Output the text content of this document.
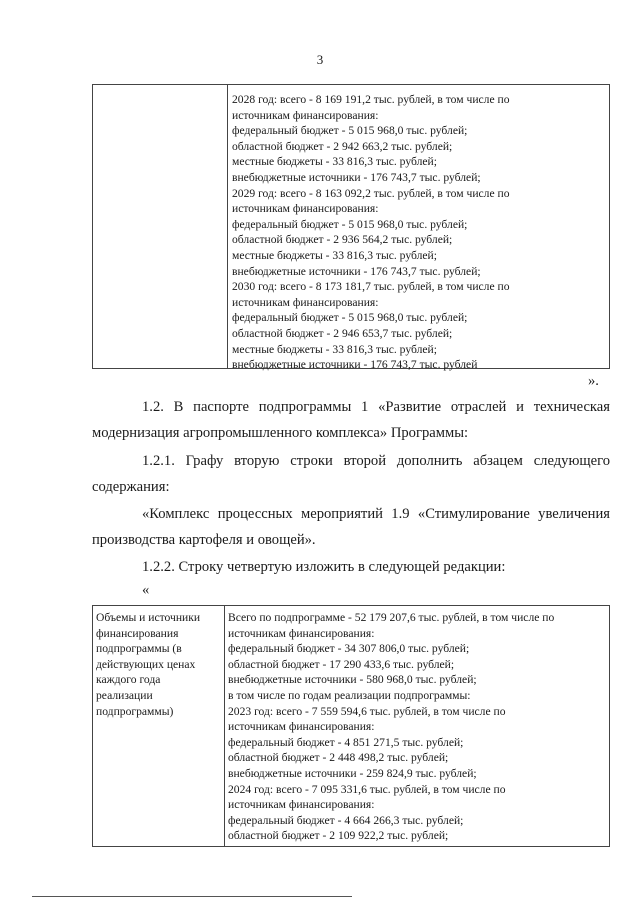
3
2028 год: всего - 8 169 191,2 тыс. рублей, в том числе по
источникам финансирования:
федеральный бюджет - 5 015 968,0 тыс. рублей;
областной бюджет - 2 942 663,2 тыс. рублей;
местные бюджеты - 33 816,3 тыс. рублей;
внебюджетные источники - 176 743,7 тыс. рублей;
2029 год: всего - 8 163 092,2 тыс. рублей, в том числе по
источникам финансирования:
федеральный бюджет - 5 015 968,0 тыс. рублей;
областной бюджет - 2 936 564,2 тыс. рублей;
местные бюджеты - 33 816,3 тыс. рублей;
внебюджетные источники - 176 743,7 тыс. рублей;
2030 год: всего - 8 173 181,7 тыс. рублей, в том числе по
источникам финансирования:
федеральный бюджет - 5 015 968,0 тыс. рублей;
областной бюджет - 2 946 653,7 тыс. рублей;
местные бюджеты - 33 816,3 тыс. рублей;
внебюджетные источники - 176 743,7 тыс. рублей
».
1.2. В паспорте подпрограммы 1 «Развитие отраслей и техническая
модернизация агропромышленного комплекса» Программы:
1.2.1. Графу вторую строки второй дополнить абзацем следующего
содержания:
«Комплекс процессных мероприятий 1.9 «Стимулирование увеличения
производства картофеля и овощей».
1.2.2. Строку четвертую изложить в следующей редакции:
«
Объемы и источники
финансирования
подпрограммы (в
действующих ценах
каждого года
реализации
подпрограммы)
Всего по подпрограмме - 52 179 207,6 тыс. рублей, в том числе по
источникам финансирования:
федеральный бюджет - 34 307 806,0 тыс. рублей;
областной бюджет - 17 290 433,6 тыс. рублей;
внебюджетные источники - 580 968,0 тыс. рублей;
в том числе по годам реализации подпрограммы:
2023 год: всего - 7 559 594,6 тыс. рублей, в том числе по
источникам финансирования:
федеральный бюджет - 4 851 271,5 тыс. рублей;
областной бюджет - 2 448 498,2 тыс. рублей;
внебюджетные источники - 259 824,9 тыс. рублей;
2024 год: всего - 7 095 331,6 тыс. рублей, в том числе по
источникам финансирования:
федеральный бюджет - 4 664 266,3 тыс. рублей;
областной бюджет - 2 109 922,2 тыс. рублей;
